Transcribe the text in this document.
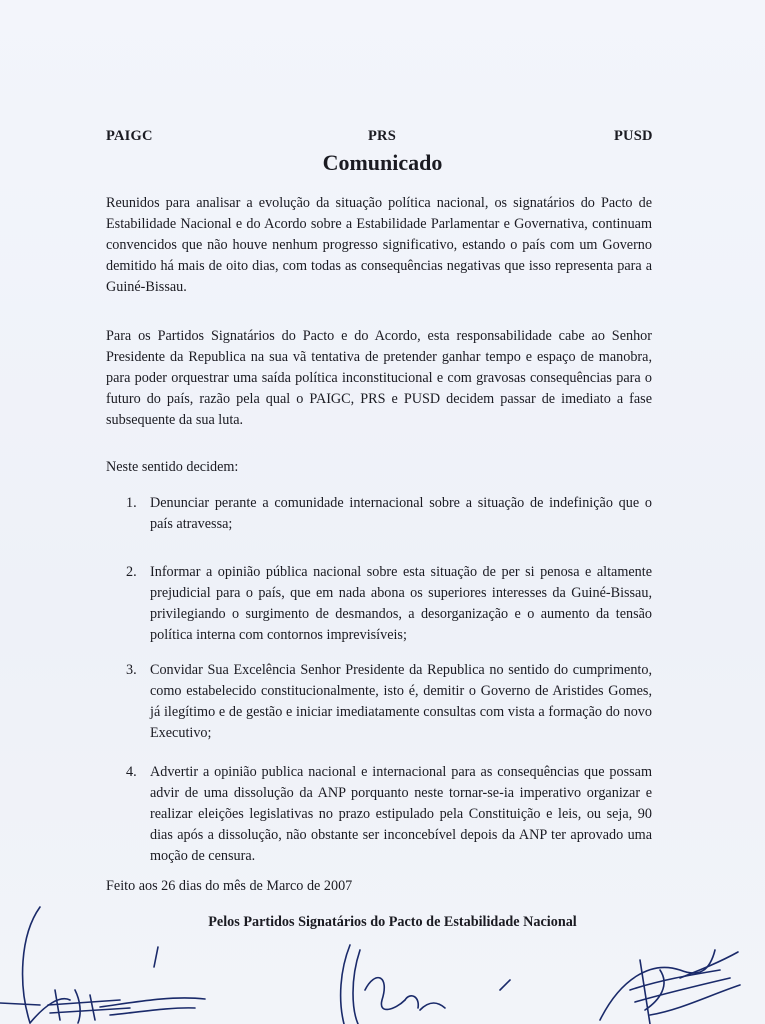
PAIGC	PRS	PUSD
Comunicado

Reunidos para analisar a evolução da situação política nacional, os signatários do Pacto de Estabilidade Nacional e do Acordo sobre a Estabilidade Parlamentar e Governativa, continuam convencidos que não houve nenhum progresso significativo, estando o país com um Governo demitido há mais de oito dias, com todas as consequências negativas que isso representa para a Guiné-Bissau.

Para os Partidos Signatários do Pacto e do Acordo, esta responsabilidade cabe ao Senhor Presidente da Republica na sua vã tentativa de pretender ganhar tempo e espaço de manobra, para poder orquestrar uma saída política inconstitucional e com gravosas consequências para o futuro do país, razão pela qual o PAIGC, PRS e PUSD decidem passar de imediato a fase subsequente da sua luta.

Neste sentido decidem:

1. Denunciar perante a comunidade internacional sobre a situação de indefinição que o país atravessa;
2. Informar a opinião pública nacional sobre esta situação de per si penosa e altamente prejudicial para o país, que em nada abona os superiores interesses da Guiné-Bissau, privilegiando o surgimento de desmandos, a desorganização e o aumento da tensão política interna com contornos imprevisíveis;
3. Convidar Sua Excelência Senhor Presidente da Republica no sentido do cumprimento, como estabelecido constitucionalmente, isto é, demitir o Governo de Aristides Gomes, já ilegítimo e de gestão e iniciar imediatamente consultas com vista a formação do novo Executivo;
4. Advertir a opinião publica nacional e internacional para as consequências que possam advir de uma dissolução da ANP porquanto neste tornar-se-ia imperativo organizar e realizar eleições legislativas no prazo estipulado pela Constituição e leis, ou seja, 90 dias após a dissolução, não obstante ser inconcebível depois da ANP ter aprovado uma moção de censura.

Feito aos 26 dias do mês de Marco de 2007

Pelos Partidos Signatários do Pacto de Estabilidade Nacional
